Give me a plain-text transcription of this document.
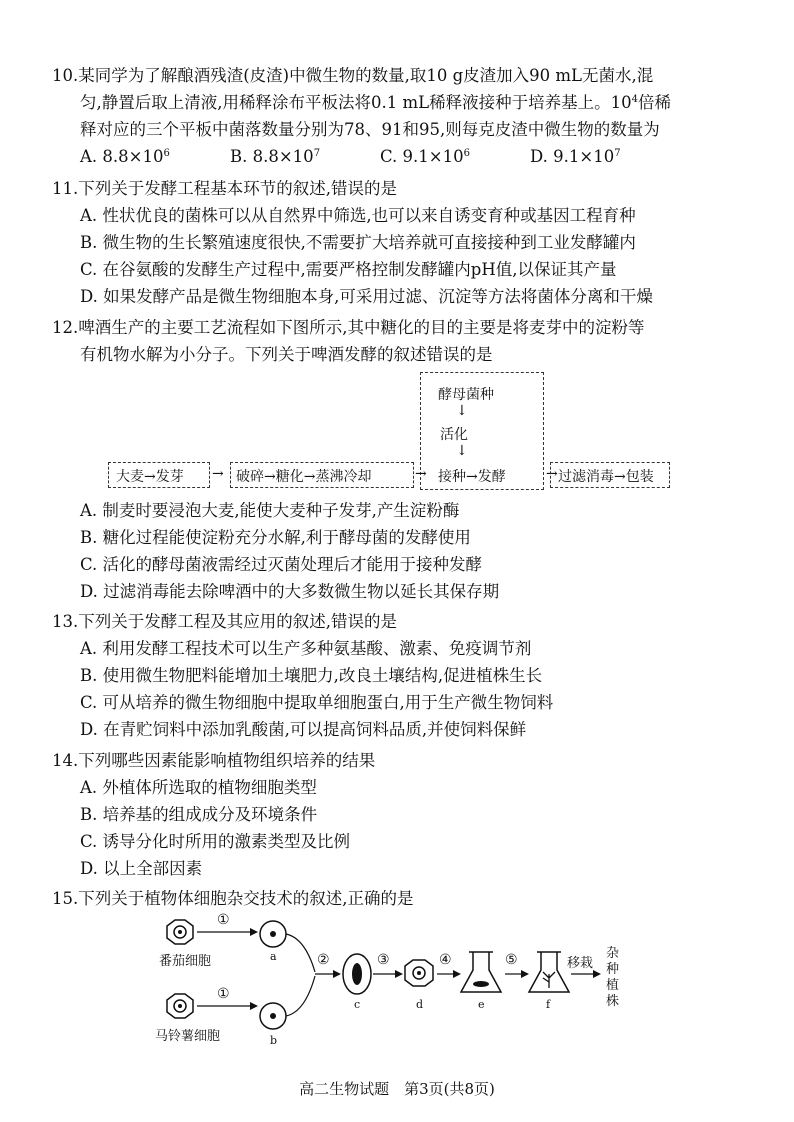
10.某同学为了解酿酒残渣(皮渣)中微生物的数量,取10 g皮渣加入90 mL无菌水,混
匀,静置后取上清液,用稀释涂布平板法将0.1 mL稀释液接种于培养基上。$10^4$倍稀
释对应的三个平板中菌落数量分别为78、91和95,则每克皮渣中微生物的数量为
A. $8.8\times 10^6$	B. $8.8\times 10^7$	C. $9.1\times 10^6$	D. $9.1\times 10^7$
11.下列关于发酵工程基本环节的叙述,错误的是
A. 性状优良的菌株可以从自然界中筛选,也可以来自诱变育种或基因工程育种
B. 微生物的生长繁殖速度很快,不需要扩大培养就可直接接种到工业发酵罐内
C. 在谷氨酸的发酵生产过程中,需要严格控制发酵罐内pH值,以保证其产量
D. 如果发酵产品是微生物细胞本身,可采用过滤、沉淀等方法将菌体分离和干燥
12.啤酒生产的主要工艺流程如下图所示,其中糖化的目的主要是将麦芽中的淀粉等
有机物水解为小分子。下列关于啤酒发酵的叙述错误的是
酵母菌种
↓
活化
↓
大麦→发芽 → 破碎→糖化→蒸沸冷却	→ 接种→发酵	→ 过滤消毒→包装
A. 制麦时要浸泡大麦,能使大麦种子发芽,产生淀粉酶
B. 糖化过程能使淀粉充分水解,利于酵母菌的发酵使用
C. 活化的酵母菌液需经过灭菌处理后才能用于接种发酵
D. 过滤消毒能去除啤酒中的大多数微生物以延长其保存期
13.下列关于发酵工程及其应用的叙述,错误的是
A. 利用发酵工程技术可以生产多种氨基酸、激素、免疫调节剂
B. 使用微生物肥料能增加土壤肥力,改良土壤结构,促进植株生长
C. 可从培养的微生物细胞中提取单细胞蛋白,用于生产微生物饲料
D. 在青贮饲料中添加乳酸菌,可以提高饲料品质,并使饲料保鲜
14.下列哪些因素能影响植物组织培养的结果
A. 外植体所选取的植物细胞类型
B. 培养基的组成成分及环境条件
C. 诱导分化时所用的激素类型及比例
D. 以上全部因素
15.下列关于植物体细胞杂交技术的叙述,正确的是
①
①
②	③	④	⑤	移栽
番茄细胞
马铃薯细胞
a
b
c	d	e	f
杂
种
植
株
高二生物试题　第3页(共8页)
